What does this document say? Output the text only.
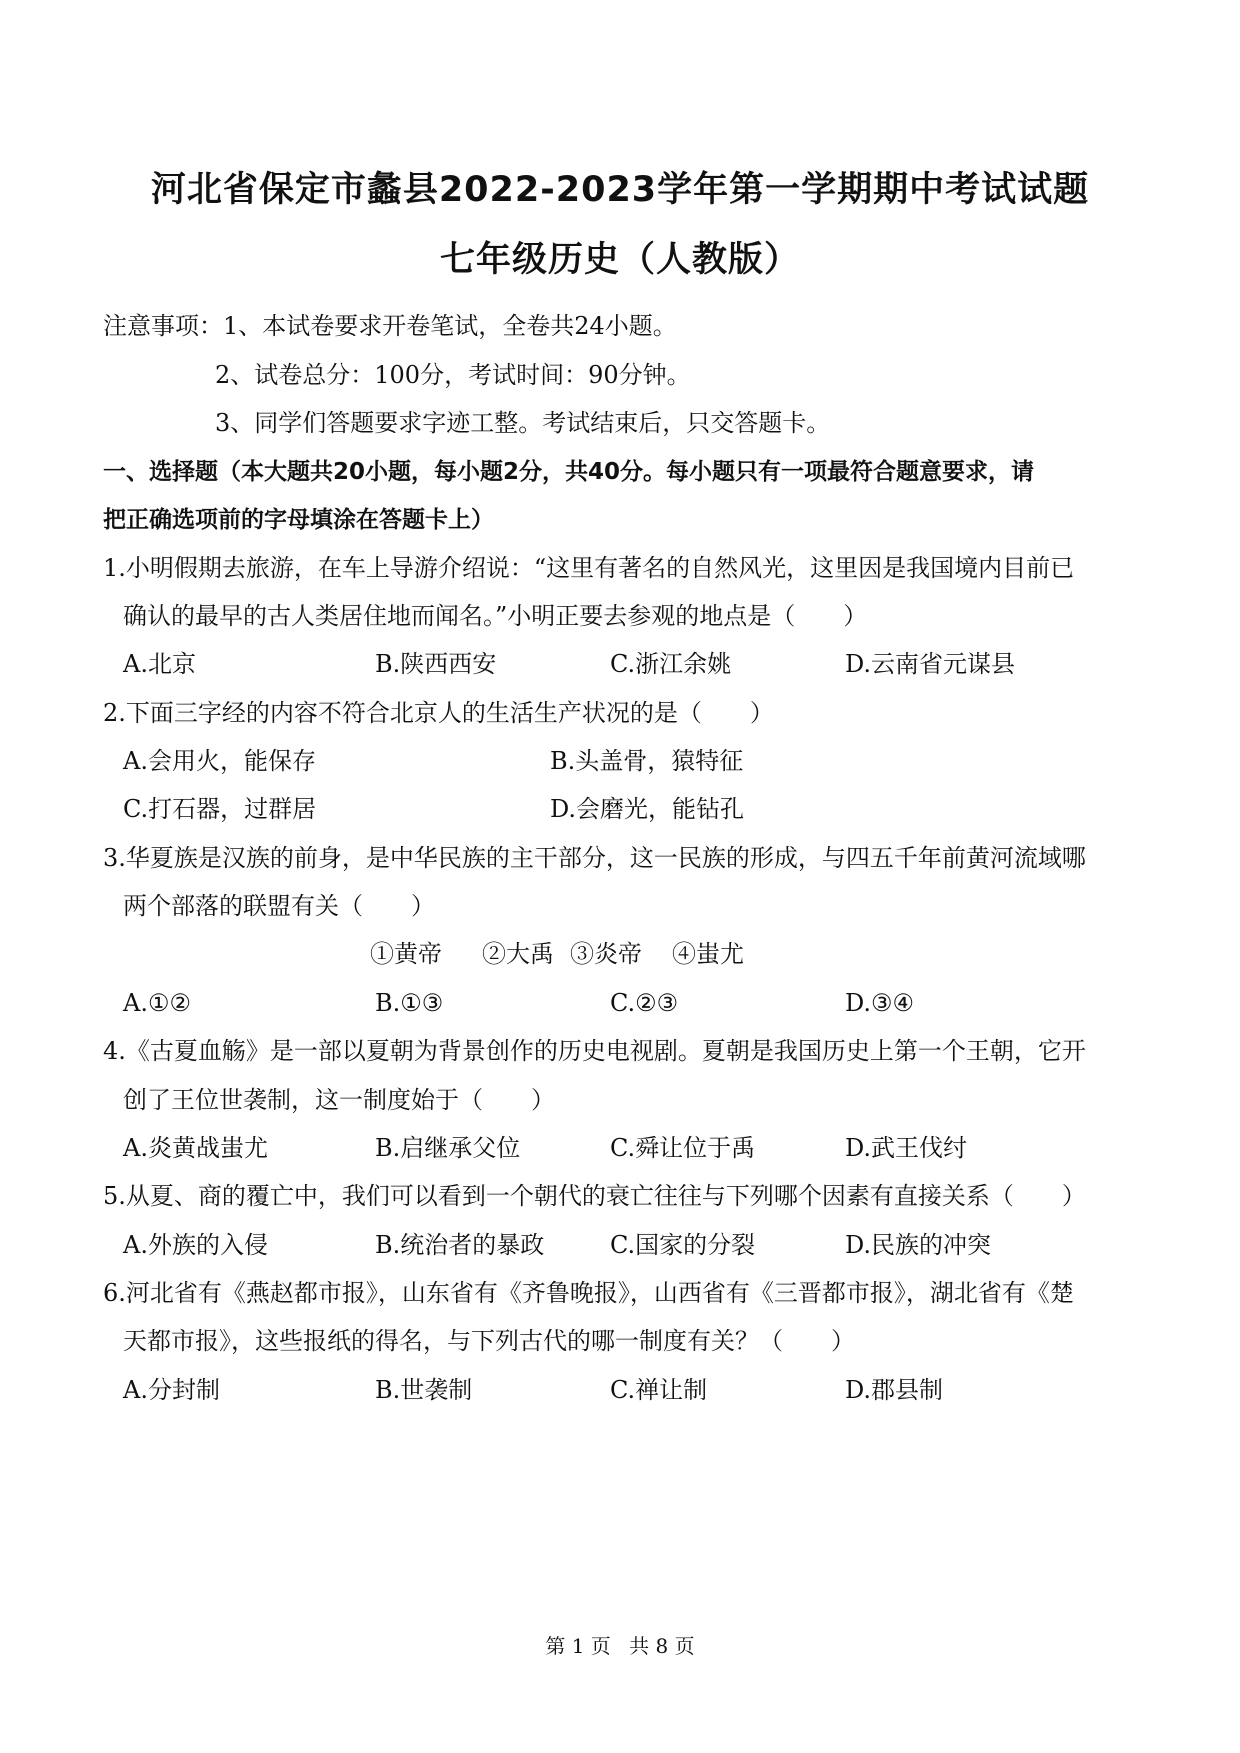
河北省保定市蠡县2022-2023学年第一学期期中考试试题
七年级历史（人教版）
注意事项：1、本试卷要求开卷笔试，全卷共24小题。
2、试卷总分：100分，考试时间：90分钟。
3、同学们答题要求字迹工整。考试结束后，只交答题卡。
一、选择题（本大题共20小题，每小题2分，共40分。每小题只有一项最符合题意要求，请
把正确选项前的字母填涂在答题卡上）
1.小明假期去旅游，在车上导游介绍说：“这里有著名的自然风光，这里因是我国境内目前已
确认的最早的古人类居住地而闻名。”小明正要去参观的地点是（　　）
A.北京	B.陕西西安	C.浙江余姚	D.云南省元谋县
2.下面三字经的内容不符合北京人的生活生产状况的是（　　）
A.会用火，能保存	B.头盖骨，猿特征
C.打石器，过群居	D.会磨光，能钻孔
3.华夏族是汉族的前身，是中华民族的主干部分，这一民族的形成，与四五千年前黄河流域哪
两个部落的联盟有关（　　）
①黄帝 ②大禹 ③炎帝 ④蚩尤
A.①②	B.①③	C.②③	D.③④
4.《古夏血觞》是一部以夏朝为背景创作的历史电视剧。夏朝是我国历史上第一个王朝，它开
创了王位世袭制，这一制度始于（　　）
A.炎黄战蚩尤	B.启继承父位	C.舜让位于禹	D.武王伐纣
5.从夏、商的覆亡中，我们可以看到一个朝代的衰亡往往与下列哪个因素有直接关系（　　）
A.外族的入侵	B.统治者的暴政	C.国家的分裂	D.民族的冲突
6.河北省有《燕赵都市报》，山东省有《齐鲁晚报》，山西省有《三晋都市报》，湖北省有《楚
天都市报》，这些报纸的得名，与下列古代的哪一制度有关？（　　）
A.分封制	B.世袭制	C.禅让制	D.郡县制
第 1 页 共 8 页
